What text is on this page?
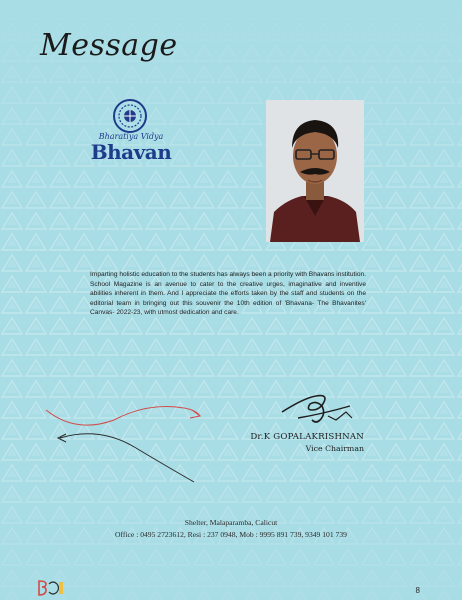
Message
Bharatiya Vidya
Bhavan

Imparting holistic education to the students has always been a priority with Bhavans institution. School Magazine is an avenue to cater to the creative urges, imaginative and inventive abilities inherent in them. And I appreciate the efforts taken by the staff and students on the editorial team in bringing out this souvenir the 10th edition of 'Bhavana- The Bhavanites' Canvas- 2022-23, with utmost dedication and care.

Dr.K GOPALAKRISHNAN
Vice Chairman
Shelter, Malaparamba, Calicut
Office : 0495 2723612, Resi : 237 0948, Mob : 9995 891 739, 9349 101 739
8
